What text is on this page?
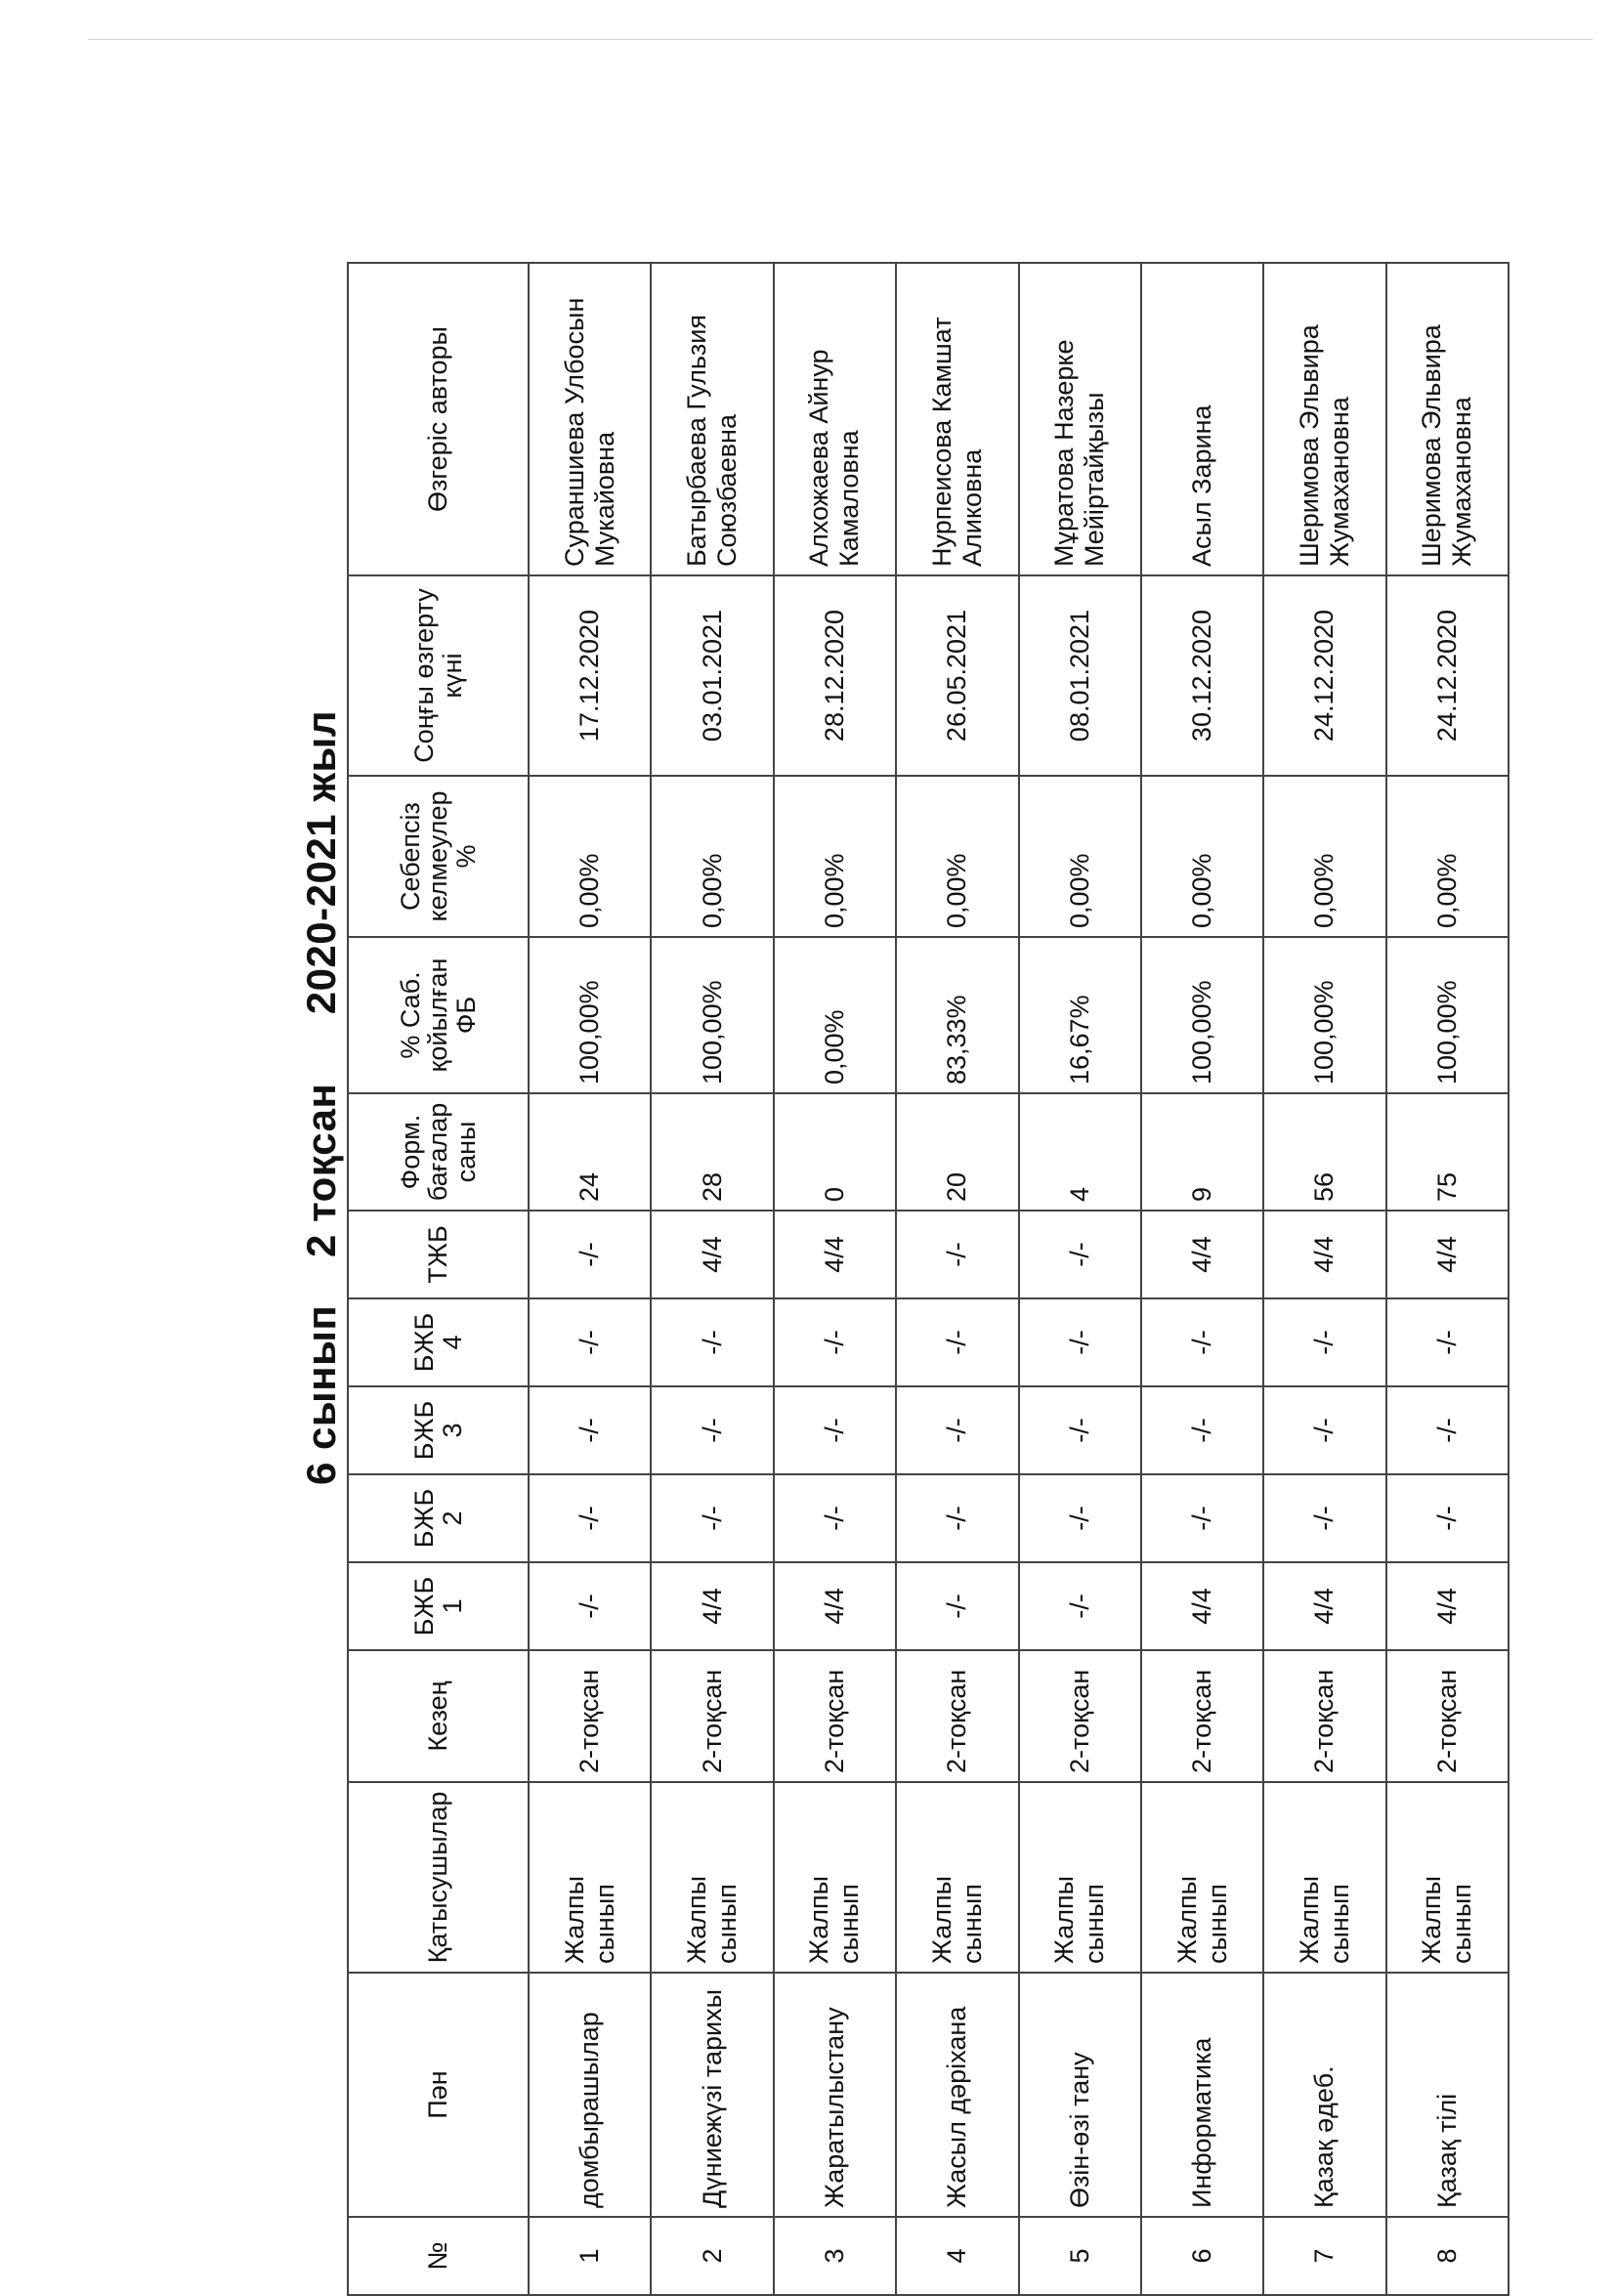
6 сынып    2 тоқсан  2020-2021 жыл
№	Пән	Қатысушылар	Кезең	БЖБ 1	БЖБ 2	БЖБ 3	БЖБ 4	ТЖБ	Форм. бағалар саны	% Саб. қойылған ФБ	Себепсіз келмеулер %	Соңғы өзгерту күні	Өзгеріс авторы
1	домбырашылар	Жалпы сынып	2-тоқсан	-/-	-/-	-/-	-/-	-/-	24	100,00%	0,00%	17.12.2020	Сураншиева Улбосын Мукайовна
2	Дүниежүзі тарихы	Жалпы сынып	2-тоқсан	4/4	-/-	-/-	-/-	4/4	28	100,00%	0,00%	03.01.2021	Батырбаева Гульзия Союзбаевна
3	Жаратылыстану	Жалпы сынып	2-тоқсан	4/4	-/-	-/-	-/-	4/4	0	0,00%	0,00%	28.12.2020	Алхожаева Айнур Камаловна
4	Жасыл дәріхана	Жалпы сынып	2-тоқсан	-/-	-/-	-/-	-/-	-/-	20	83,33%	0,00%	26.05.2021	Нурпеисова Камшат Аликовна
5	Өзін-өзі тану	Жалпы сынып	2-тоқсан	-/-	-/-	-/-	-/-	-/-	4	16,67%	0,00%	08.01.2021	Мұратова Назерке Мейіртайқызы
6	Информатика	Жалпы сынып	2-тоқсан	4/4	-/-	-/-	-/-	4/4	9	100,00%	0,00%	30.12.2020	Асыл Зарина
7	Қазақ әдеб.	Жалпы сынып	2-тоқсан	4/4	-/-	-/-	-/-	4/4	56	100,00%	0,00%	24.12.2020	Шеримова Эльвира Жумахановна
8	Қазақ тілі	Жалпы сынып	2-тоқсан	4/4	-/-	-/-	-/-	4/4	75	100,00%	0,00%	24.12.2020	Шеримова Эльвира Жумахановна
